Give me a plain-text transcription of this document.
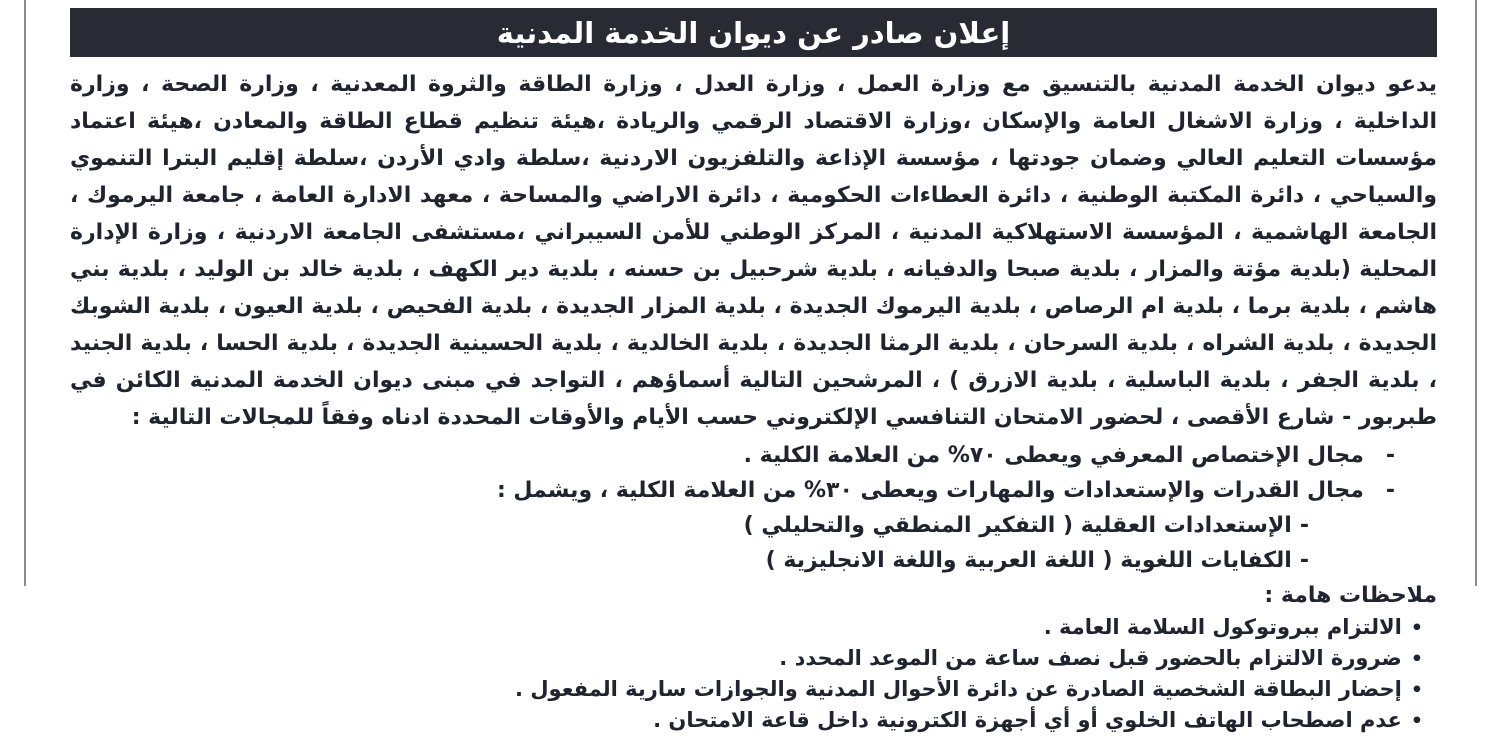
إعلان صادر عن ديوان الخدمة المدنية

يدعو ديوان الخدمة المدنية بالتنسيق مع وزارة العمل ، وزارة العدل ، وزارة الطاقة والثروة المعدنية ، وزارة الصحة ، وزارة الداخلية ، وزارة الاشغال العامة والإسكان ،وزارة الاقتصاد الرقمي والريادة ،هيئة تنظيم قطاع الطاقة والمعادن ،هيئة اعتماد مؤسسات التعليم العالي وضمان جودتها ، مؤسسة الإذاعة والتلفزيون الاردنية ،سلطة وادي الأردن ،سلطة إقليم البترا التنموي والسياحي ، دائرة المكتبة الوطنية ، دائرة العطاءات الحكومية ، دائرة الاراضي والمساحة ، معهد الادارة العامة ، جامعة اليرموك ، الجامعة الهاشمية ، المؤسسة الاستهلاكية المدنية ، المركز الوطني للأمن السيبراني ،مستشفى الجامعة الاردنية ، وزارة الإدارة المحلية (بلدية مؤتة والمزار ، بلدية صبحا والدفيانه ، بلدية شرحبيل بن حسنه ، بلدية دير الكهف ، بلدية خالد بن الوليد ، بلدية بني هاشم ، بلدية برما ، بلدية ام الرصاص ، بلدية اليرموك الجديدة ، بلدية المزار الجديدة ، بلدية الفحيص ، بلدية العيون ، بلدية الشوبك الجديدة ، بلدية الشراه ، بلدية السرحان ، بلدية الرمثا الجديدة ، بلدية الخالدية ، بلدية الحسينية الجديدة ، بلدية الحسا ، بلدية الجنيد ، بلدية الجفر ، بلدية الباسلية ، بلدية الازرق ) ، المرشحين التالية أسماؤهم ، التواجد في مبنى ديوان الخدمة المدنية الكائن في طبربور - شارع الأقصى ، لحضور الامتحان التنافسي الإلكتروني حسب الأيام والأوقات المحددة ادناه وفقاً للمجالات التالية :

-
مجال الإختصاص المعرفي ويعطى ٧٠% من العلامة الكلية .
-
مجال القدرات والإستعدادات والمهارات ويعطى ٣٠% من العلامة الكلية ، ويشمل :
-
الإستعدادات العقلية ( التفكير المنطقي والتحليلي )
-
الكفايات اللغوية ( اللغة العربية واللغة الانجليزية )
ملاحظات هامة :
•
الالتزام ببروتوكول السلامة العامة .
•
ضرورة الالتزام بالحضور قبل نصف ساعة من الموعد المحدد .
•
إحضار البطاقة الشخصية الصادرة عن دائرة الأحوال المدنية والجوازات سارية المفعول .
•
عدم اصطحاب الهاتف الخلوي أو أي أجهزة الكترونية داخل قاعة الامتحان .
